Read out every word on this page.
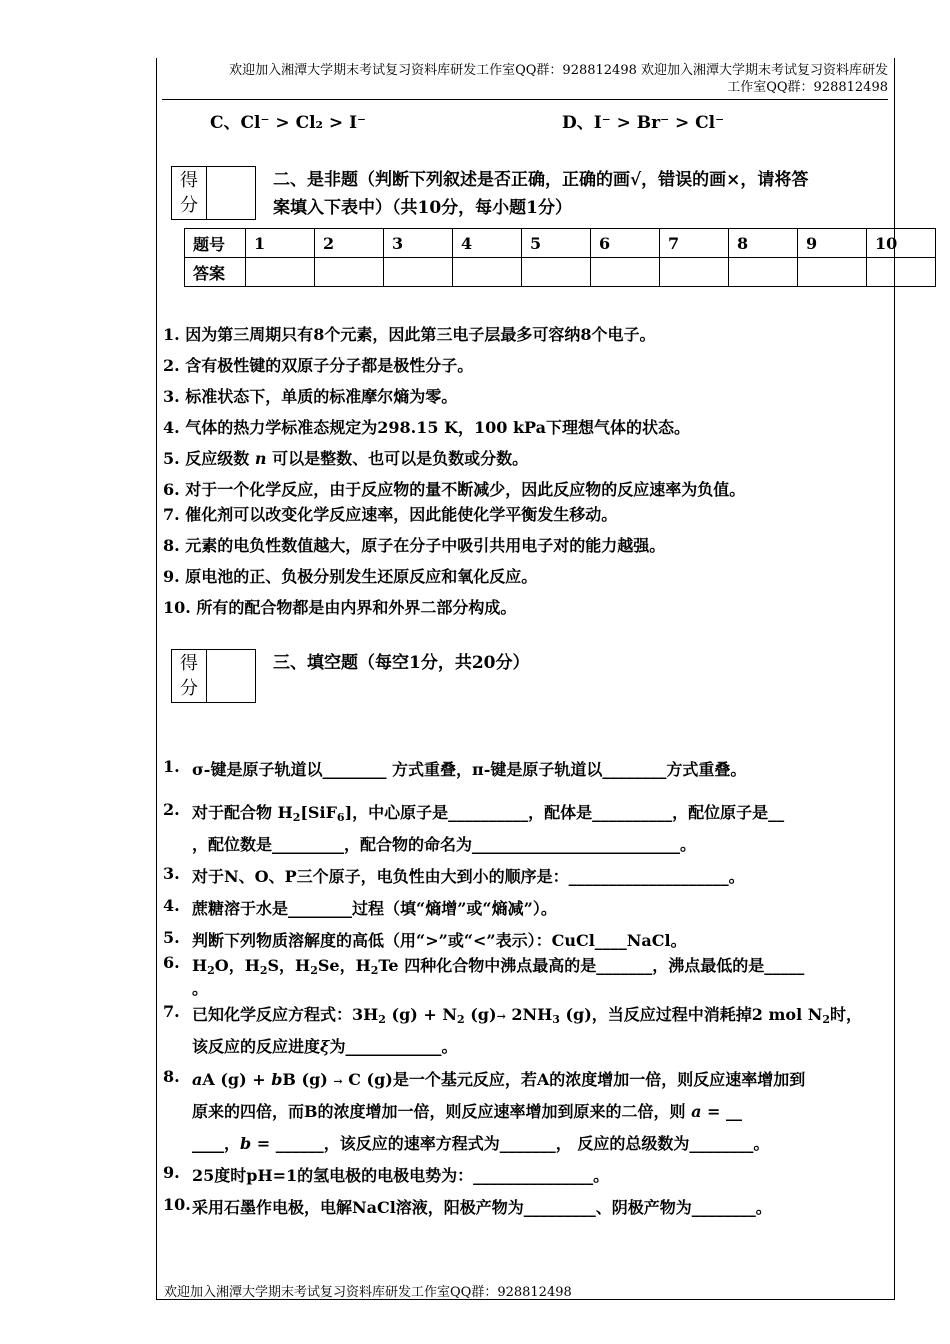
欢迎加入湘潭大学期末考试复习资料库研发工作室QQ群：928812498 欢迎加入湘潭大学期末考试复习资料库研发
工作室QQ群：928812498
C、Cl⁻ > Cl₂ > I⁻	D、I⁻ > Br⁻ > Cl⁻
得
分	
二、是非题（判断下列叙述是否正确，正确的画√，错误的画×，请将答
案填入下表中）（共10分，每小题1分）
题号	1	2	3	4	5	6	7	8	9	10
答案										
1. 因为第三周期只有8个元素，因此第三电子层最多可容纳8个电子。
2. 含有极性键的双原子分子都是极性分子。
3. 标准状态下，单质的标准摩尔熵为零。
4. 气体的热力学标准态规定为298.15 K，100 kPa下理想气体的状态。
5. 反应级数 n 可以是整数、也可以是负数或分数。
6. 对于一个化学反应，由于反应物的量不断减少，因此反应物的反应速率为负值。
7. 催化剂可以改变化学反应速率，因此能使化学平衡发生移动。
8. 元素的电负性数值越大，原子在分子中吸引共用电子对的能力越强。
9. 原电池的正、负极分别发生还原反应和氧化反应。
10. 所有的配合物都是由内界和外界二部分构成。
得
分	
三、填空题（每空1分，共20分）
1. σ-键是原子轨道以________ 方式重叠，π-键是原子轨道以________方式重叠。
2. 对于配合物 $H_2[SiF_6]$，中心原子是__________，配体是__________，配位原子是__
，配位数是_________，配合物的命名为__________________________。
3. 对于N、O、P三个原子，电负性由大到小的顺序是：____________________。
4. 蔗糖溶于水是________过程（填“熵增”或“熵减”）。
5. 判断下列物质溶解度的高低（用“>”或“<”表示）：CuCl____NaCl。
6. $H_2O$，$H_2S$，$H_2Se$，$H_2Te$ 四种化合物中沸点最高的是_______，沸点最低的是_____
。
7. 已知化学反应方程式：$3H_2$ $(g) + N_2$ $(g)\to 2NH_3$ (g)，当反应过程中消耗掉2 mol $N_2$时，
该反应的反应进度ξ为____________。
8. aA (g) + bB (g) → C (g)是一个基元反应，若A的浓度增加一倍，则反应速率增加到
原来的四倍，而B的浓度增加一倍，则反应速率增加到原来的二倍，则 a = __
____，b = ______，该反应的速率方程式为_______， 反应的总级数为________。
9. 25度时pH=1的氢电极的电极电势为：_______________。
10. 采用石墨作电极，电解NaCl溶液，阳极产物为_________、阴极产物为________。
欢迎加入湘潭大学期末考试复习资料库研发工作室QQ群：928812498
